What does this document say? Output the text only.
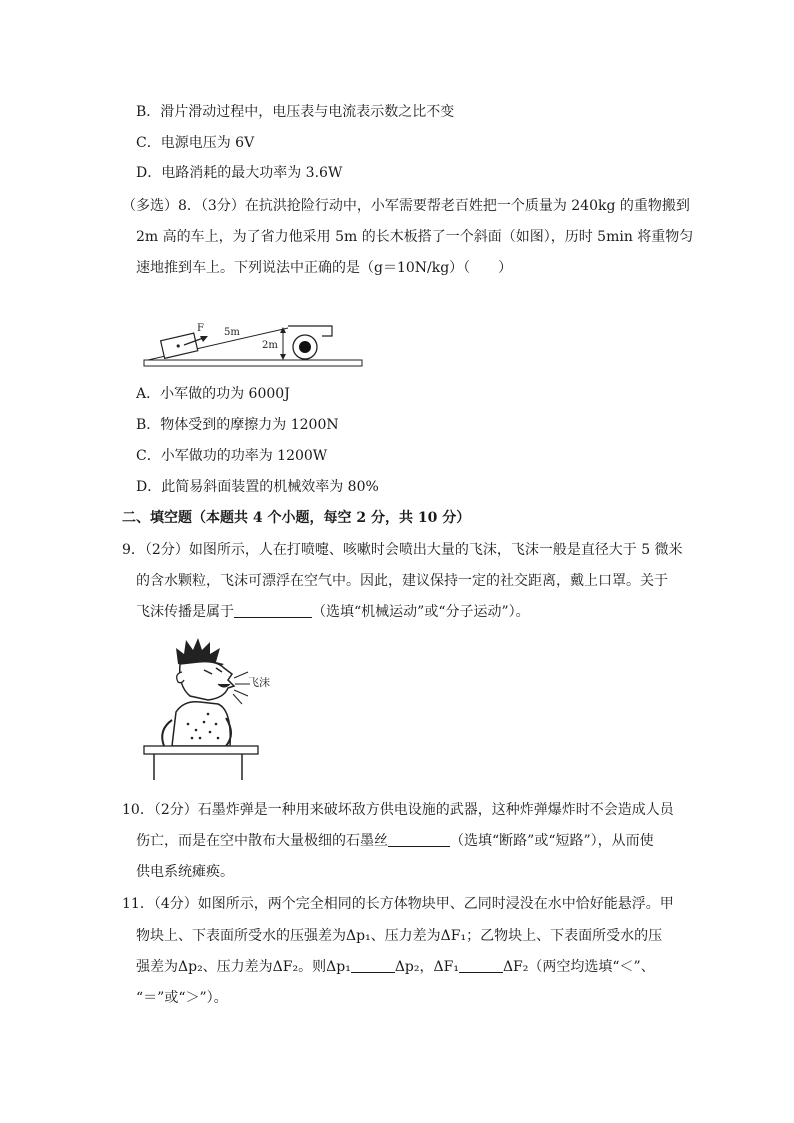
B．滑片滑动过程中，电压表与电流表示数之比不变
C．电源电压为 6V
D．电路消耗的最大功率为 3.6W
（多选）8．（3分）在抗洪抢险行动中，小军需要帮老百姓把一个质量为 240kg 的重物搬到
2m 高的车上，为了省力他采用 5m 的长木板搭了一个斜面（如图），历时 5min 将重物匀
速地推到车上。下列说法中正确的是（g＝10N/kg）（　　）
F 5m
2m
A．小军做的功为 6000J
B．物体受到的摩擦力为 1200N
C．小军做功的功率为 1200W
D．此简易斜面装置的机械效率为 80%
二、填空题（本题共 4 个小题，每空 2 分，共 10 分）
9．（2分）如图所示，人在打喷嚏、咳嗽时会喷出大量的飞沫，飞沫一般是直径大于 5 微米
的含水颗粒，飞沫可漂浮在空气中。因此，建议保持一定的社交距离，戴上口罩。关于
飞沫传播是属于	（选填“机械运动”或“分子运动”）。
飞沫
10．（2分）石墨炸弹是一种用来破坏敌方供电设施的武器，这种炸弹爆炸时不会造成人员
伤亡，而是在空中散布大量极细的石墨丝	（选填“断路”或“短路”），从而使
供电系统瘫痪。
11．（4分）如图所示，两个完全相同的长方体物块甲、乙同时浸没在水中恰好能悬浮。甲
物块上、下表面所受水的压强差为Δp₁、压力差为ΔF₁；乙物块上、下表面所受水的压
强差为Δp₂、压力差为ΔF₂。则Δp₁	Δp₂，ΔF₁	ΔF₂（两空均选填“＜”、
“＝”或“＞”）。
